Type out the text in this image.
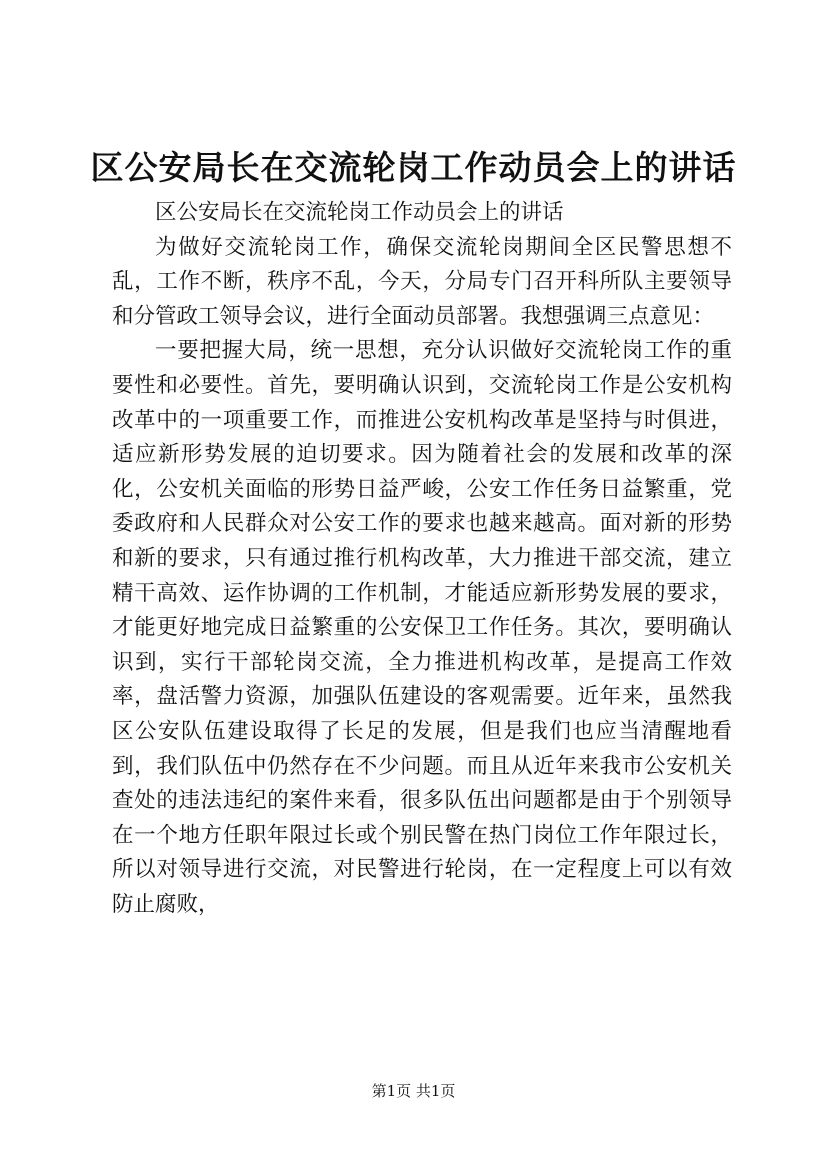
区公安局长在交流轮岗工作动员会上的讲话

区公安局长在交流轮岗工作动员会上的讲话

为做好交流轮岗工作，确保交流轮岗期间全区民警思想不乱，工作不断，秩序不乱，今天，分局专门召开科所队主要领导和分管政工领导会议，进行全面动员部署。我想强调三点意见：

一要把握大局，统一思想，充分认识做好交流轮岗工作的重要性和必要性。首先，要明确认识到，交流轮岗工作是公安机构改革中的一项重要工作，而推进公安机构改革是坚持与时俱进，适应新形势发展的迫切要求。因为随着社会的发展和改革的深化，公安机关面临的形势日益严峻，公安工作任务日益繁重，党委政府和人民群众对公安工作的要求也越来越高。面对新的形势和新的要求，只有通过推行机构改革，大力推进干部交流，建立精干高效、运作协调的工作机制，才能适应新形势发展的要求，才能更好地完成日益繁重的公安保卫工作任务。其次，要明确认识到，实行干部轮岗交流，全力推进机构改革，是提高工作效率，盘活警力资源，加强队伍建设的客观需要。近年来，虽然我区公安队伍建设取得了长足的发展，但是我们也应当清醒地看到，我们队伍中仍然存在不少问题。而且从近年来我市公安机关查处的违法违纪的案件来看，很多队伍出问题都是由于个别领导在一个地方任职年限过长或个别民警在热门岗位工作年限过长，所以对领导进行交流，对民警进行轮岗，在一定程度上可以有效防止腐败，

第1页 共1页
